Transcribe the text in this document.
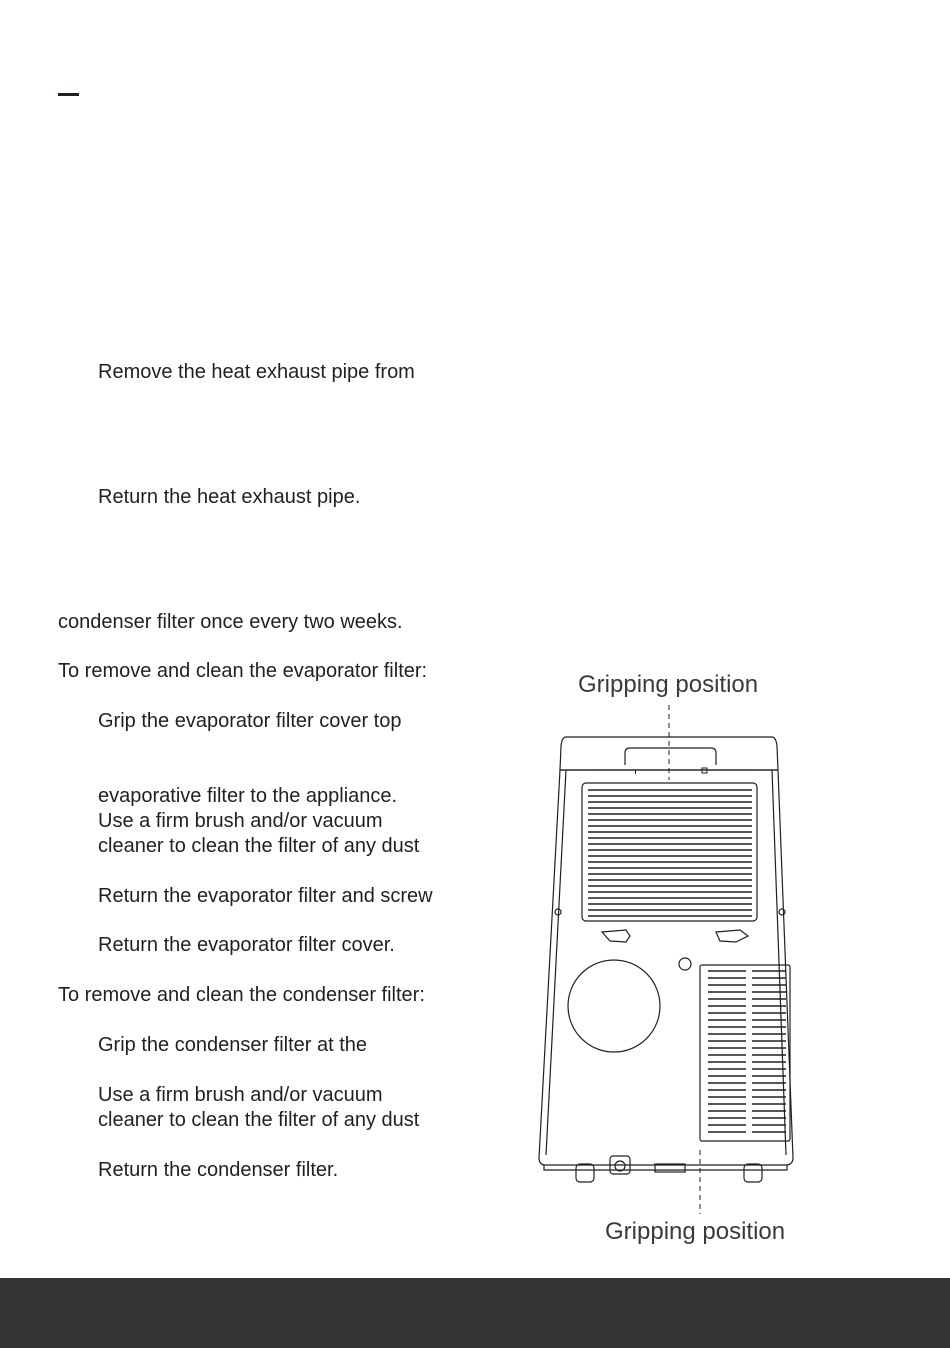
Remove the heat exhaust pipe from
Return the heat exhaust pipe.
condenser filter once every two weeks.
To remove and clean the evaporator filter:
Grip the evaporator filter cover top
evaporative filter to the appliance.
Use a firm brush and/or vacuum
cleaner to clean the filter of any dust
Return the evaporator filter and screw
Return the evaporator filter cover.
To remove and clean the condenser filter:
Grip the condenser filter at the
Use a firm brush and/or vacuum
cleaner to clean the filter of any dust
Return the condenser filter.
Gripping position
Gripping position
